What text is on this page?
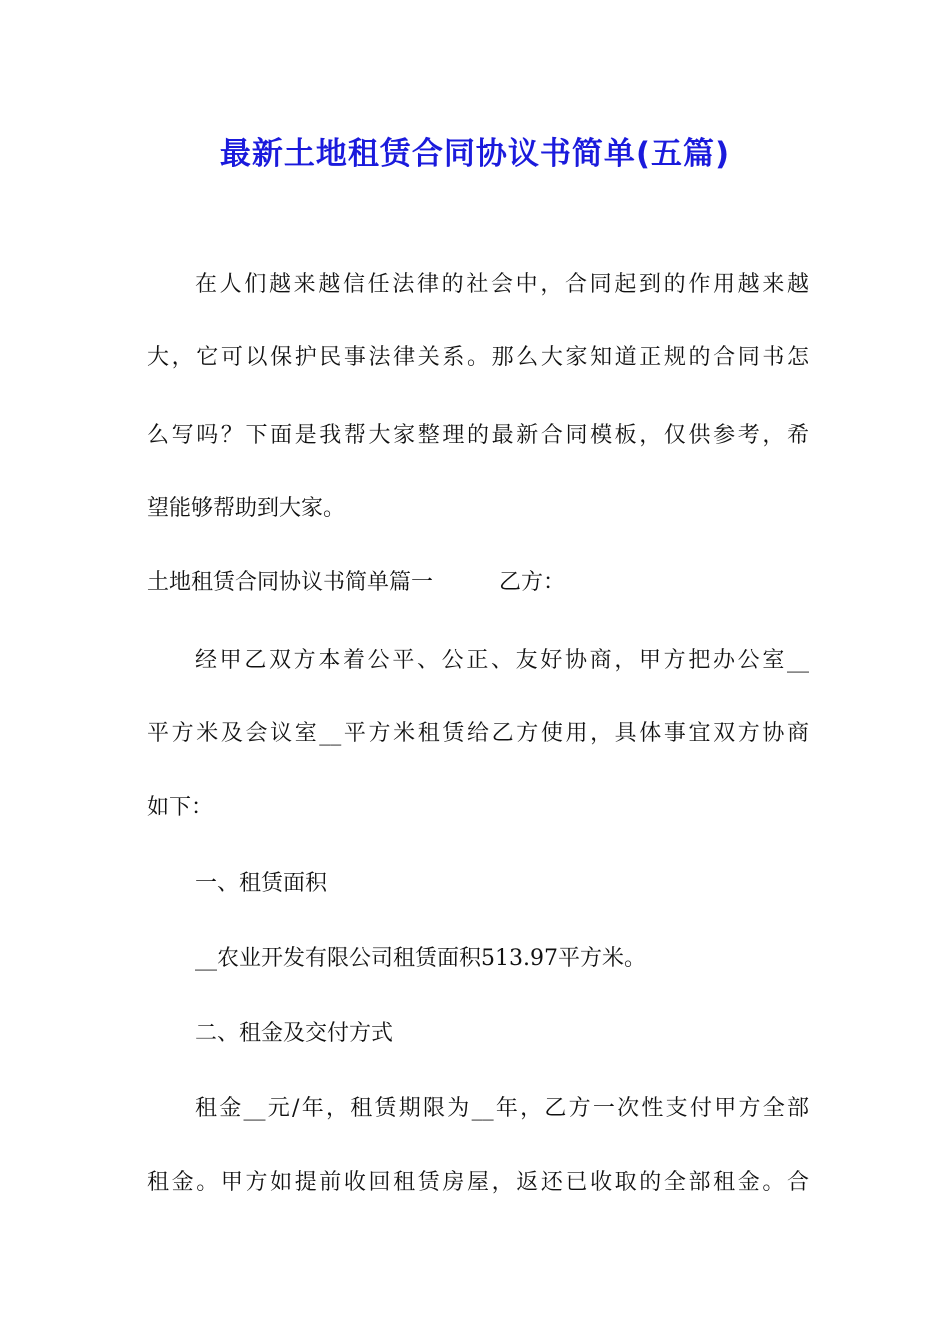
最新土地租赁合同协议书简单(五篇)

在人们越来越信任法律的社会中，合同起到的作用越来越

大，它可以保护民事法律关系。那么大家知道正规的合同书怎

么写吗？下面是我帮大家整理的最新合同模板，仅供参考，希

望能够帮助到大家。

土地租赁合同协议书简单篇一　　　乙方：

经甲乙双方本着公平、公正、友好协商，甲方把办公室__

平方米及会议室__平方米租赁给乙方使用，具体事宜双方协商

如下：

一、租赁面积

__农业开发有限公司租赁面积513.97平方米。

二、租金及交付方式

租金__元/年，租赁期限为__年，乙方一次性支付甲方全部

租金。甲方如提前收回租赁房屋，返还已收取的全部租金。合
